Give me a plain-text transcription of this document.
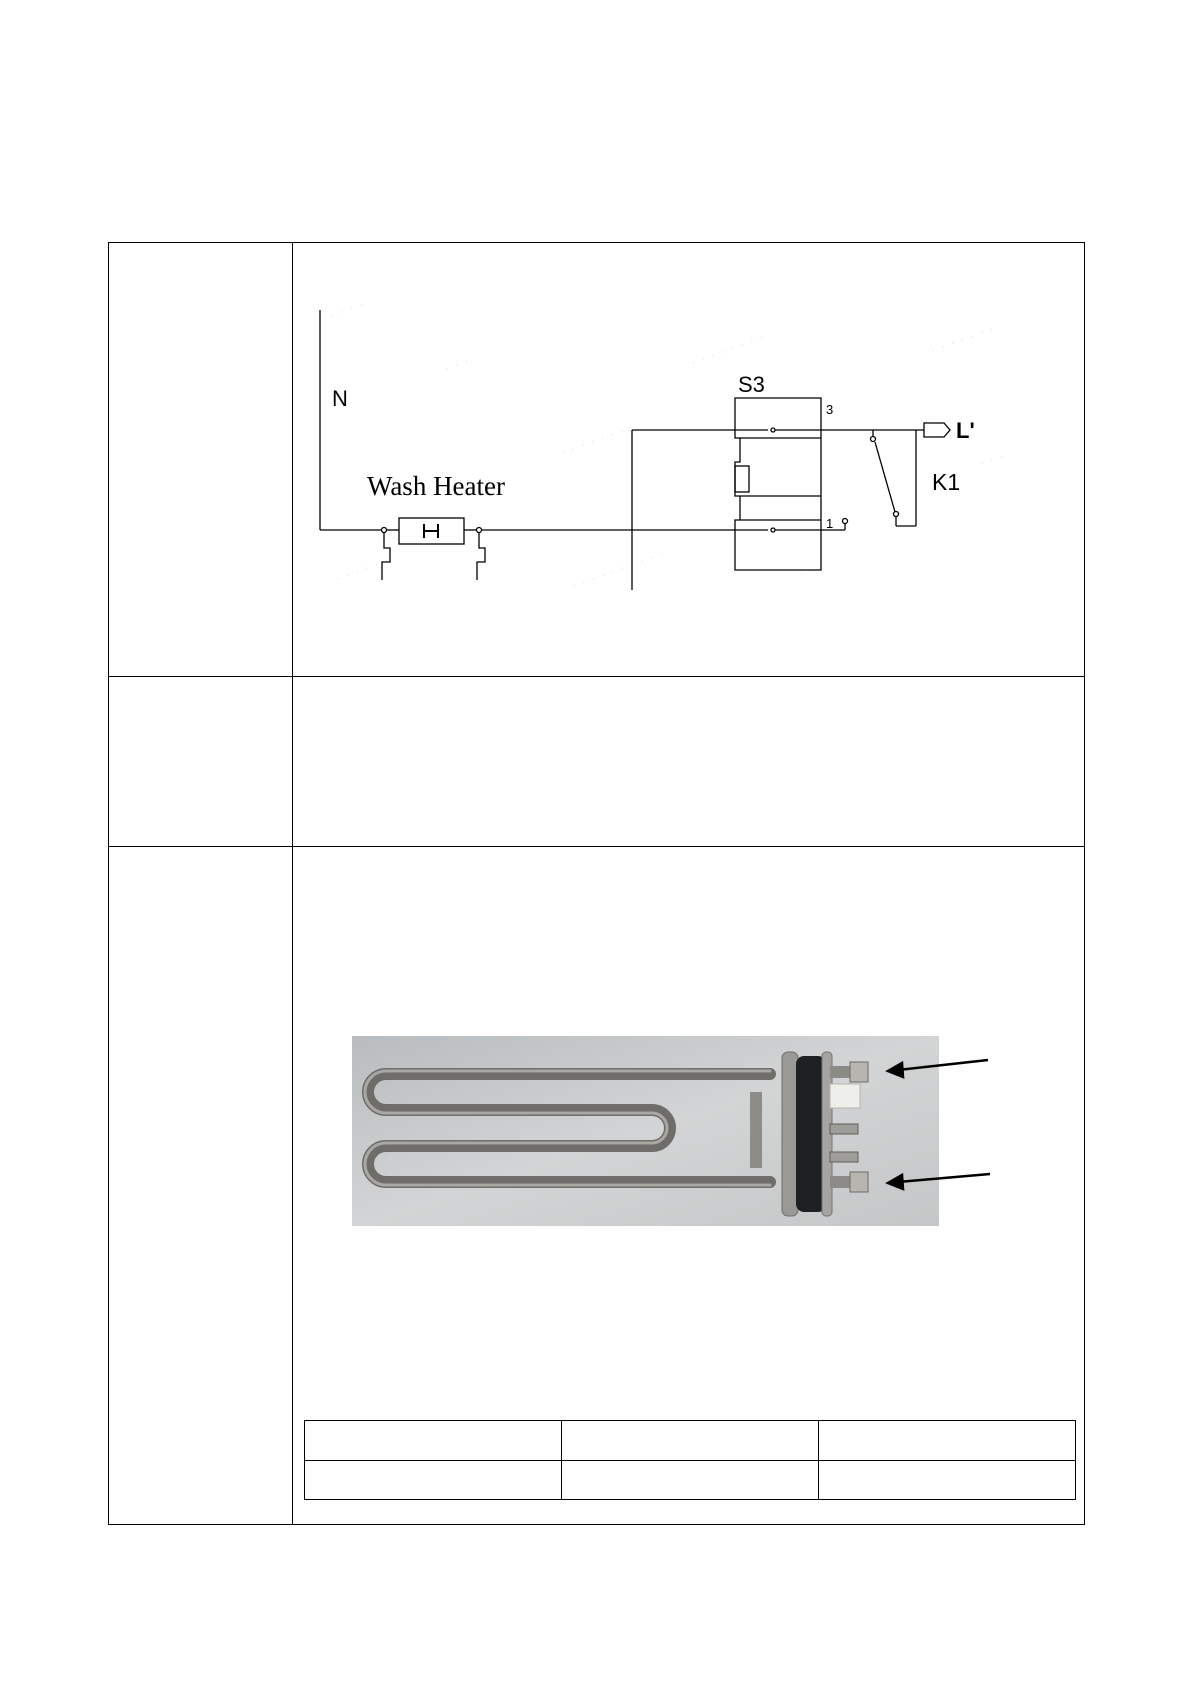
· · · ·
· · ·	· · · · · · · ·	· · · · · · ·
· · · · · · · ·
· · · · · ·	· · · · · · · · · ·	· · ·
· · ·
N
Wash Heater
S3
3
1
K1
L'
